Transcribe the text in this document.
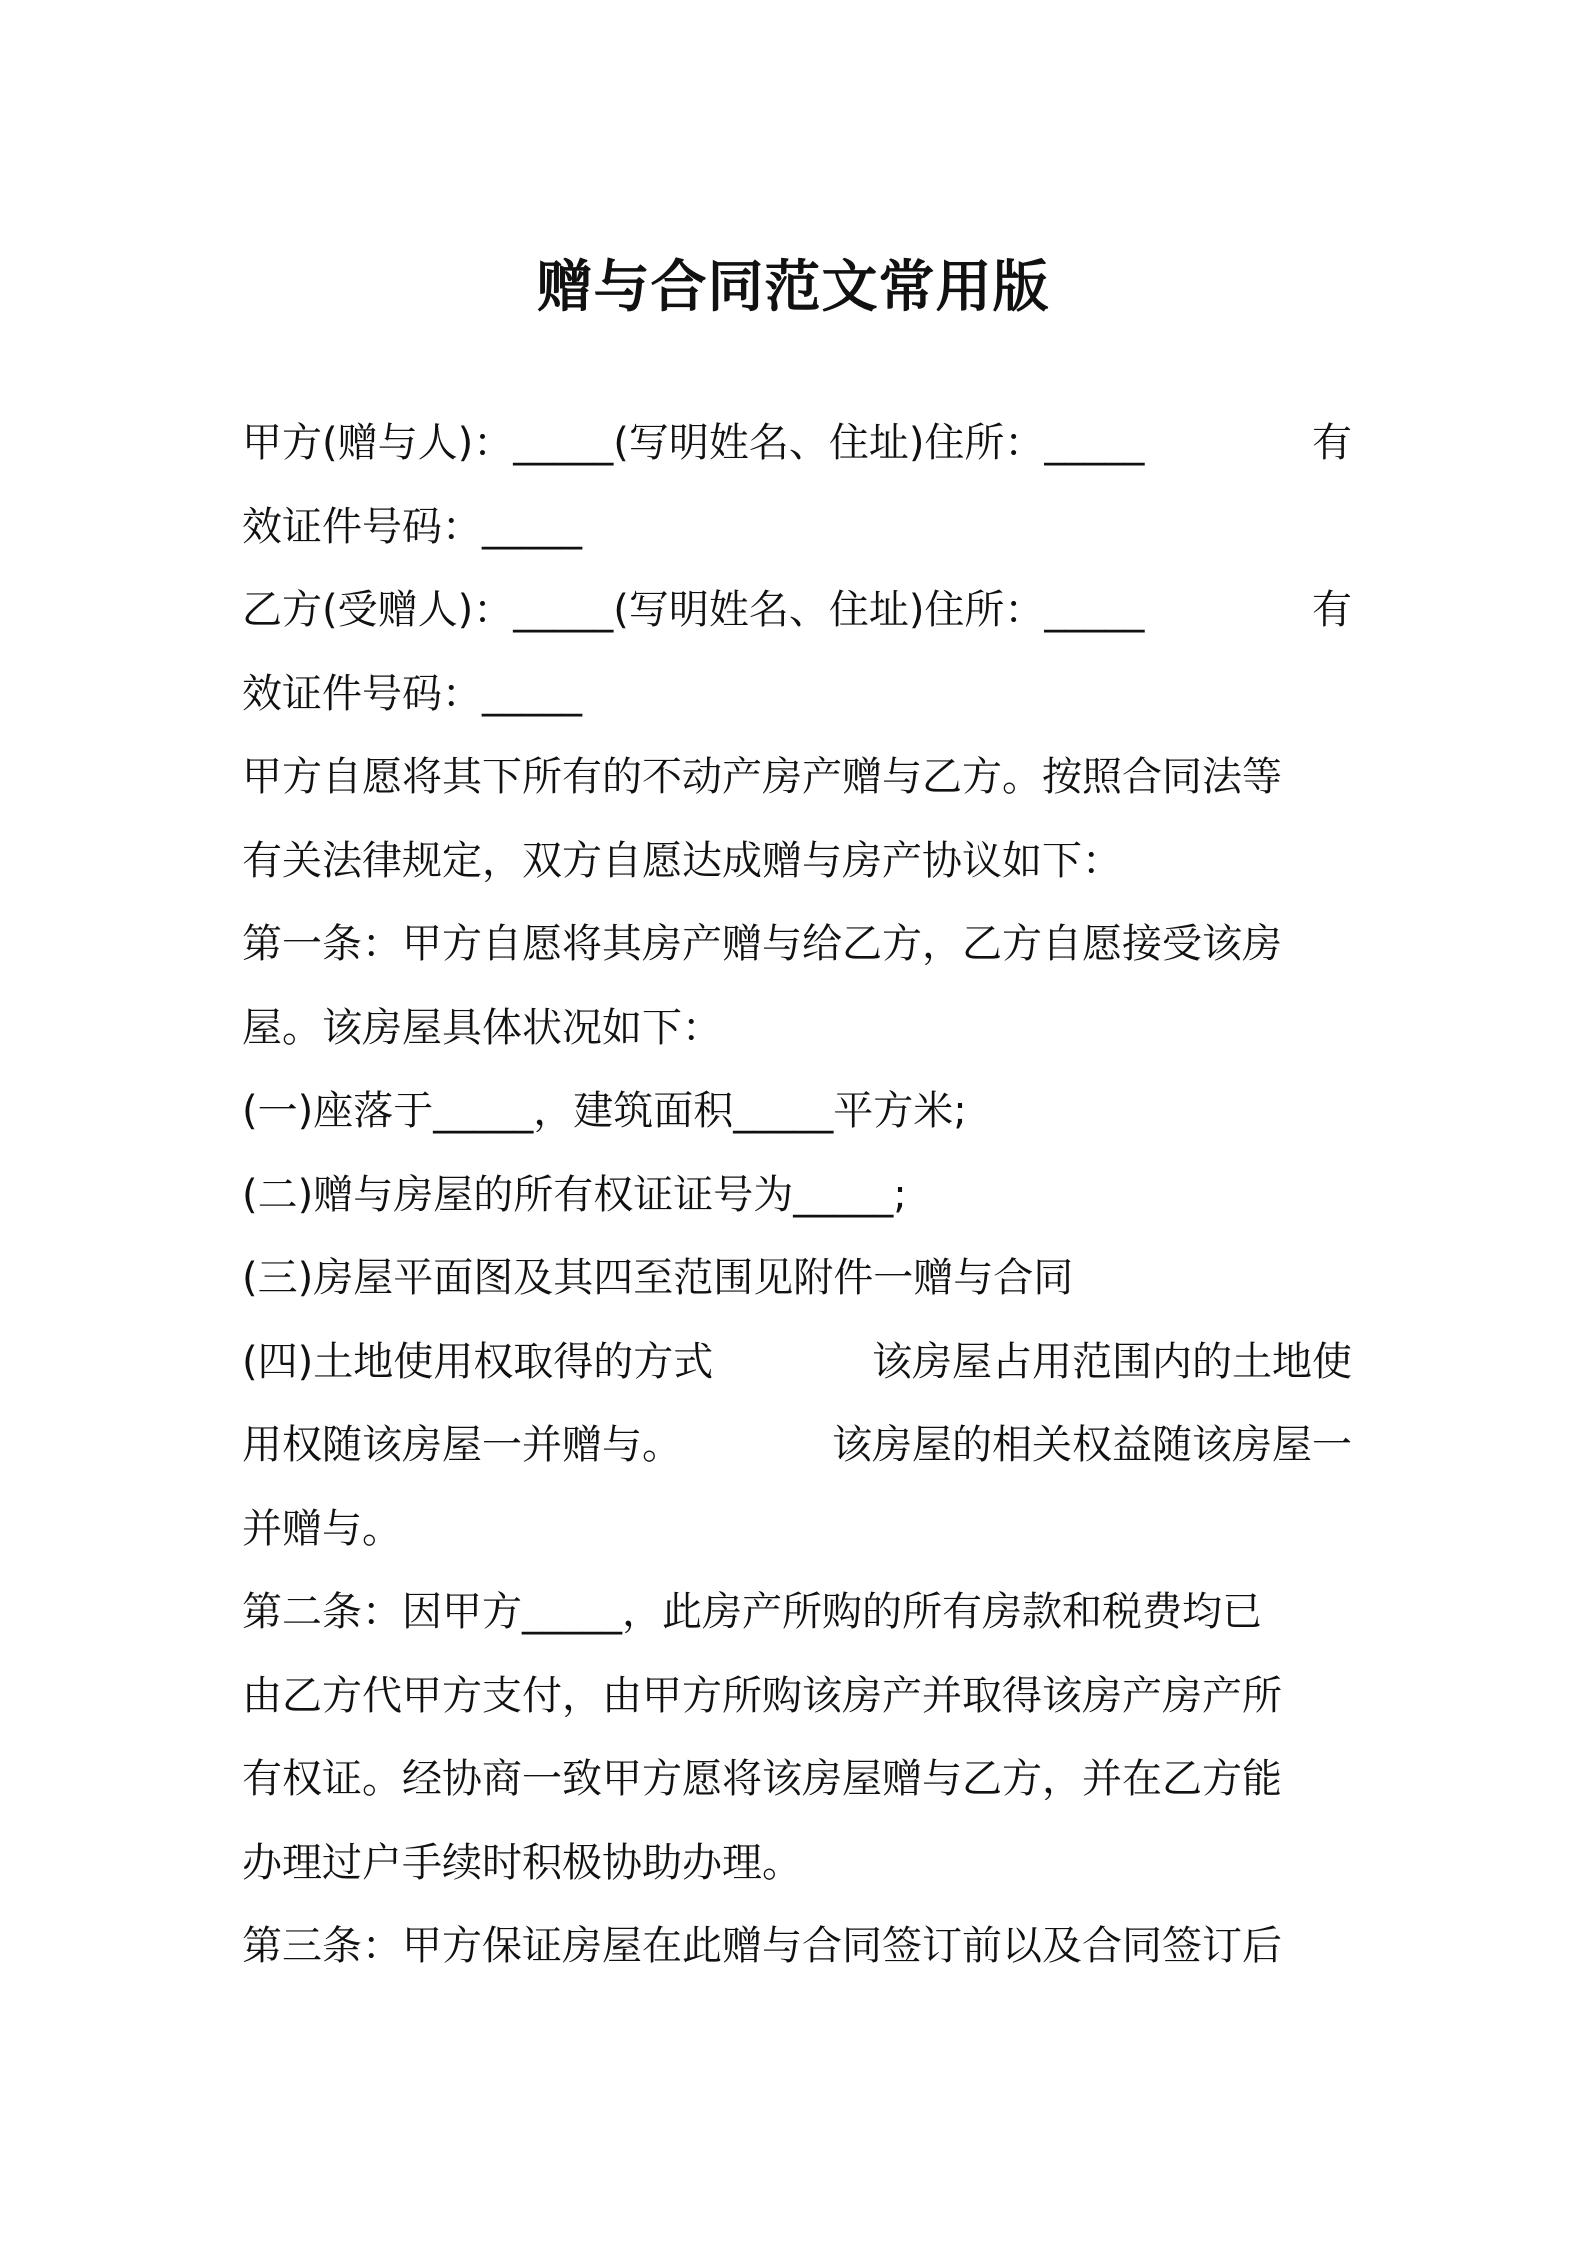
赠与合同范文常用版
甲方(赠与人)：_____(写明姓名、住址)住所：_____	有
效证件号码：_____
乙方(受赠人)：_____(写明姓名、住址)住所：_____	有
效证件号码：_____
甲方自愿将其下所有的不动产房产赠与乙方。按照合同法等
有关法律规定，双方自愿达成赠与房产协议如下：
第一条：甲方自愿将其房产赠与给乙方，乙方自愿接受该房
屋。该房屋具体状况如下：
(一)座落于_____，建筑面积_____平方米;
(二)赠与房屋的所有权证证号为_____;
(三)房屋平面图及其四至范围见附件一赠与合同
(四)土地使用权取得的方式	该房屋占用范围内的土地使
用权随该房屋一并赠与。	该房屋的相关权益随该房屋一
并赠与。
第二条：因甲方_____，此房产所购的所有房款和税费均已
由乙方代甲方支付，由甲方所购该房产并取得该房产房产所
有权证。经协商一致甲方愿将该房屋赠与乙方，并在乙方能
办理过户手续时积极协助办理。
第三条：甲方保证房屋在此赠与合同签订前以及合同签订后
